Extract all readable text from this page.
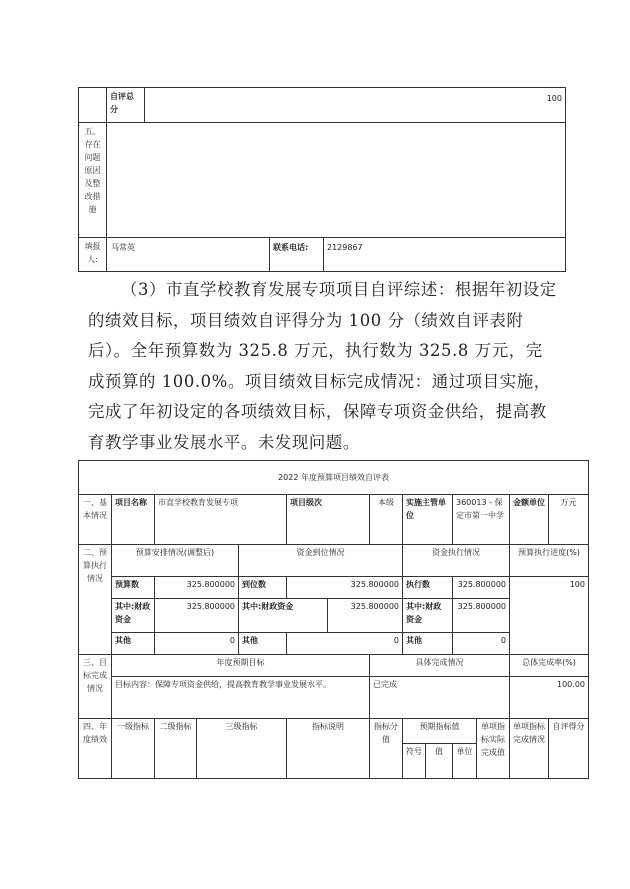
	自评总分	100
五、存在问题原因及整改措施		
填报人:	马常英	联系电话:	2129867
（3）市直学校教育发展专项项目自评综述：根据年初设定的绩效目标，项目绩效自评得分为 100 分（绩效自评表附后）。全年预算数为 325.8 万元，执行数为 325.8 万元，完成预算的 100.0%。项目绩效目标完成情况：通过项目实施，完成了年初设定的各项绩效目标，保障专项资金供给，提高教育教学事业发展水平。未发现问题。
2022 年度预算项目绩效自评表													
一、基本情况	项目名称	市直学校教育发展专项			项目级次		本级	实施主管单位		360013 - 保定市第一中学		金额单位	万元
二、预算执行情况	预算安排情况(调整后)			资金到位情况				资金执行情况				预算执行进度(%)	
	预算数	325.800000		到位数	325.800000			执行数		325.800000		100	
	其中:财政资金	325.800000		其中:财政资金		325.800000		其中:财政资金		325.800000			
	其他	0		其他	0			其他		0			
三、目标完成情况	年度预期目标						具体完成情况					总体完成率(%)	
	目标内容：保障专项资金供给，提高教育教学事业发展水平。						已完成					100.00	
四、年度绩效	一级指标	二级指标	三级指标		指标说明		指标分值	预期指标值			单项指标实际完成值	单项指标完成情况	自评得分
								符号	值	单位			
